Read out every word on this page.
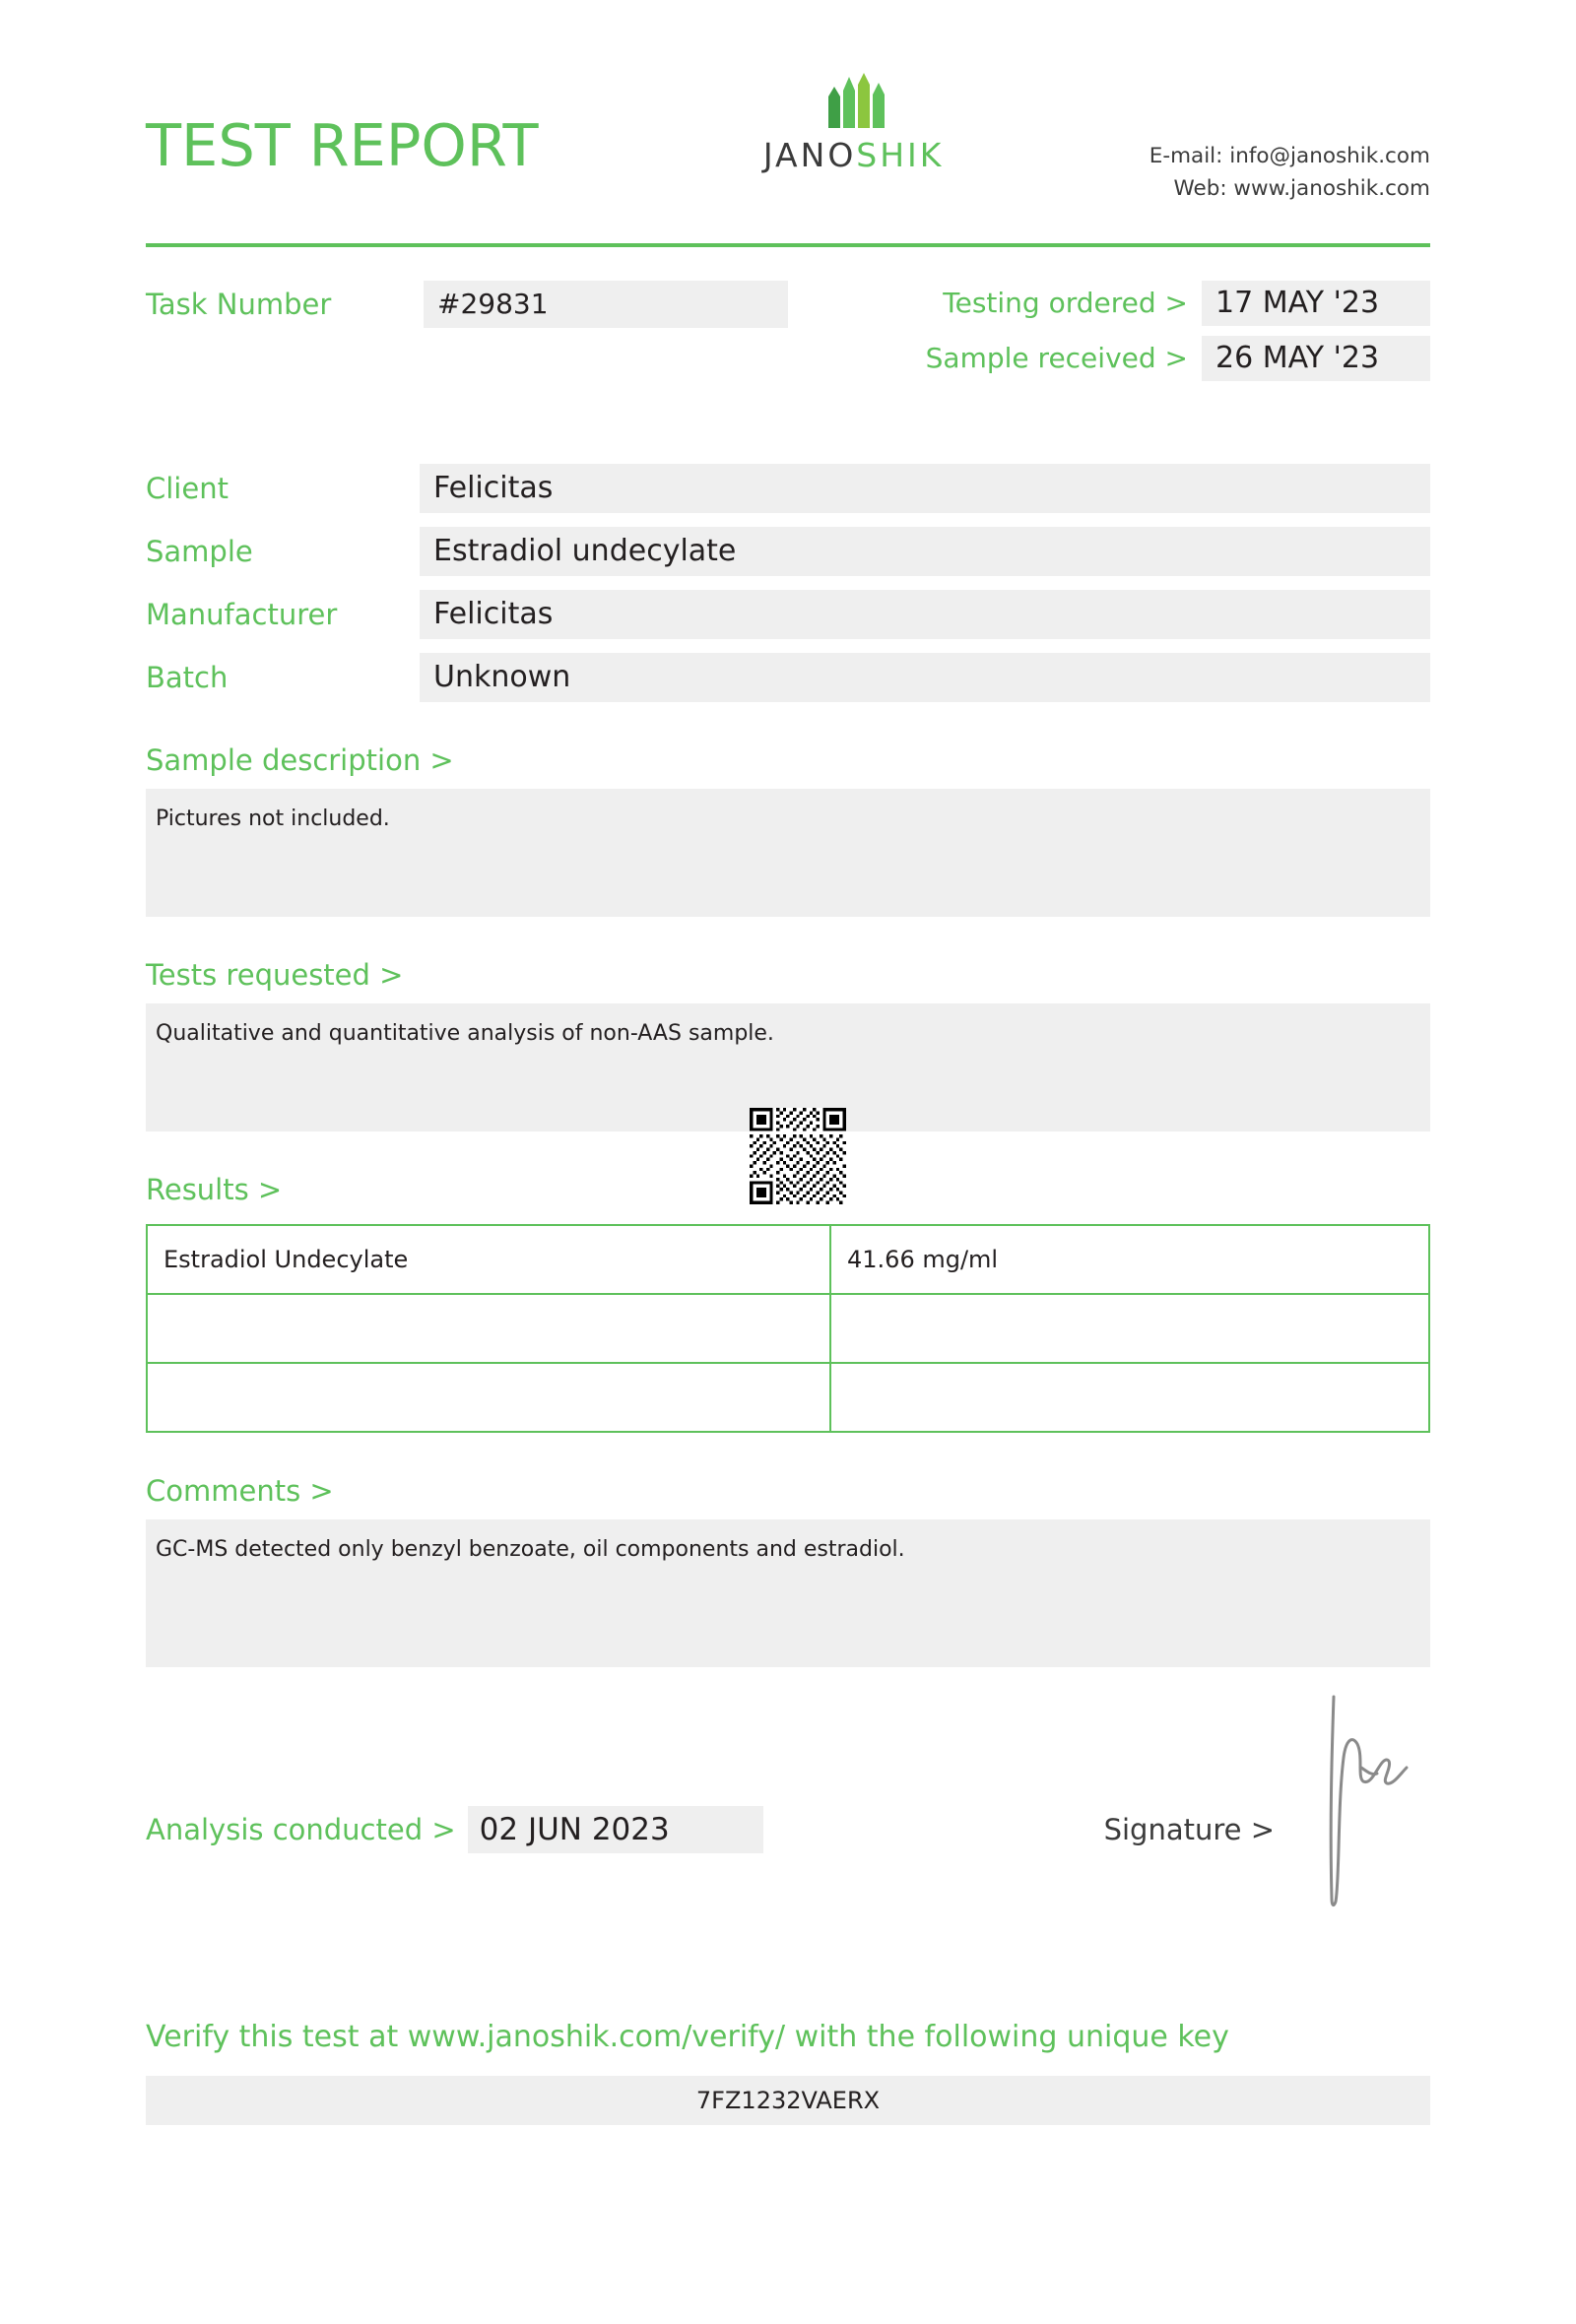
TEST REPORT	JANOSHIK	E-mail: info@janoshik.com
Web: www.janoshik.com
Task Number	#29831	Testing ordered > 17 MAY '23
Sample received > 26 MAY '23
Client	Felicitas
Sample	Estradiol undecylate
Manufacturer	Felicitas
Batch	Unknown
Sample description >
Pictures not included.
Tests requested >
Qualitative and quantitative analysis of non-AAS sample.
Results >
Estradiol Undecylate	41.66 mg/ml

Comments >
GC-MS detected only benzyl benzoate, oil components and estradiol.
Analysis conducted > 02 JUN 2023	Signature >
Verify this test at www.janoshik.com/verify/ with the following unique key
7FZ1232VAERX
